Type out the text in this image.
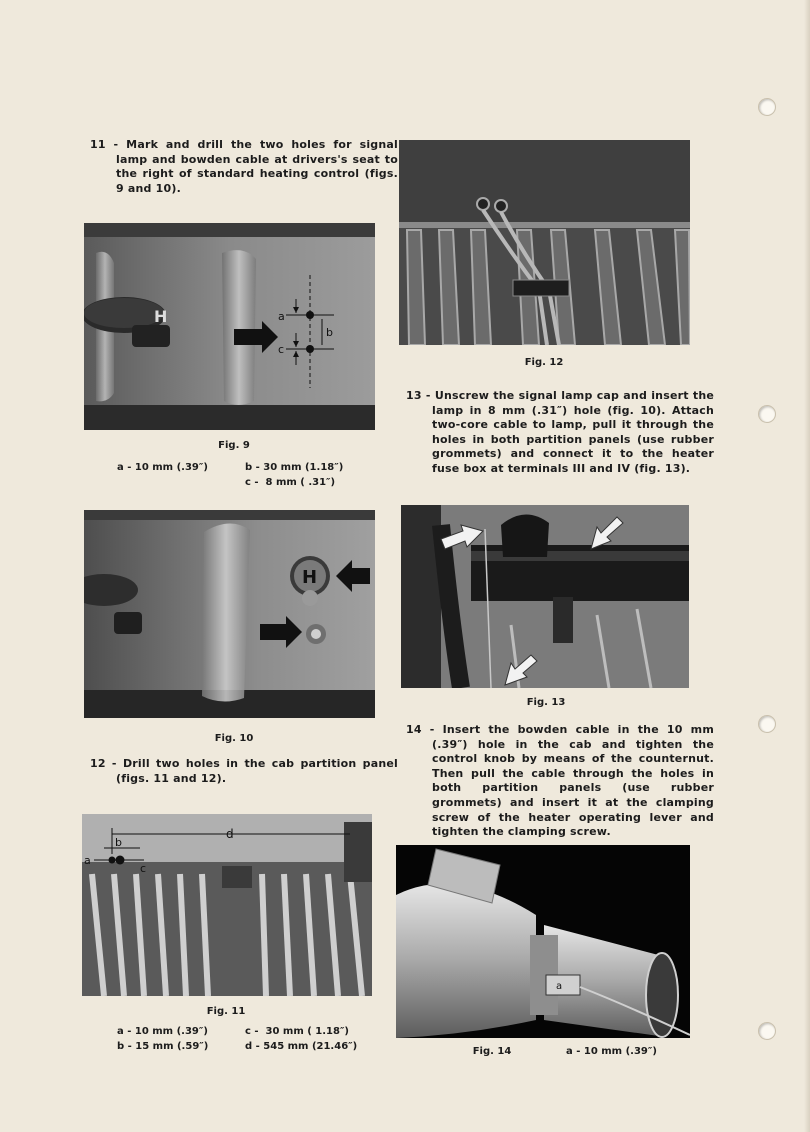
11 - Mark and drill the two holes for signal lamp and bowden cable at drivers's seat to the right of standard heating control (figs. 9 and 10).
H	a
b
c
Fig. 9
a - 10 mm (.39″)	b - 30 mm (1.18″)
c -  8 mm ( .31″)
H
Fig. 10
12 - Drill two holes in the cab partition panel (figs. 11 and 12).
d
b
a
c
Fig. 11
a - 10 mm (.39″)
b - 15 mm (.59″)
c -  30 mm ( 1.18″)
d - 545 mm (21.46″)
Fig. 12
13 - Unscrew the signal lamp cap and insert the lamp in 8 mm (.31″) hole (fig. 10). Attach two-core cable to lamp, pull it through the holes in both partition panels (use rubber grommets) and connect it to the heater fuse box at terminals III and IV (fig. 13).
Fig. 13
14 - Insert the bowden cable in the 10 mm (.39″) hole in the cab and tighten the control knob by means of the counternut. Then pull the cable through the holes in both partition panels (use rubber grommets) and insert it at the clamping screw of the heater operating lever and tighten the clamping screw.
a
Fig. 14	a - 10 mm (.39″)
